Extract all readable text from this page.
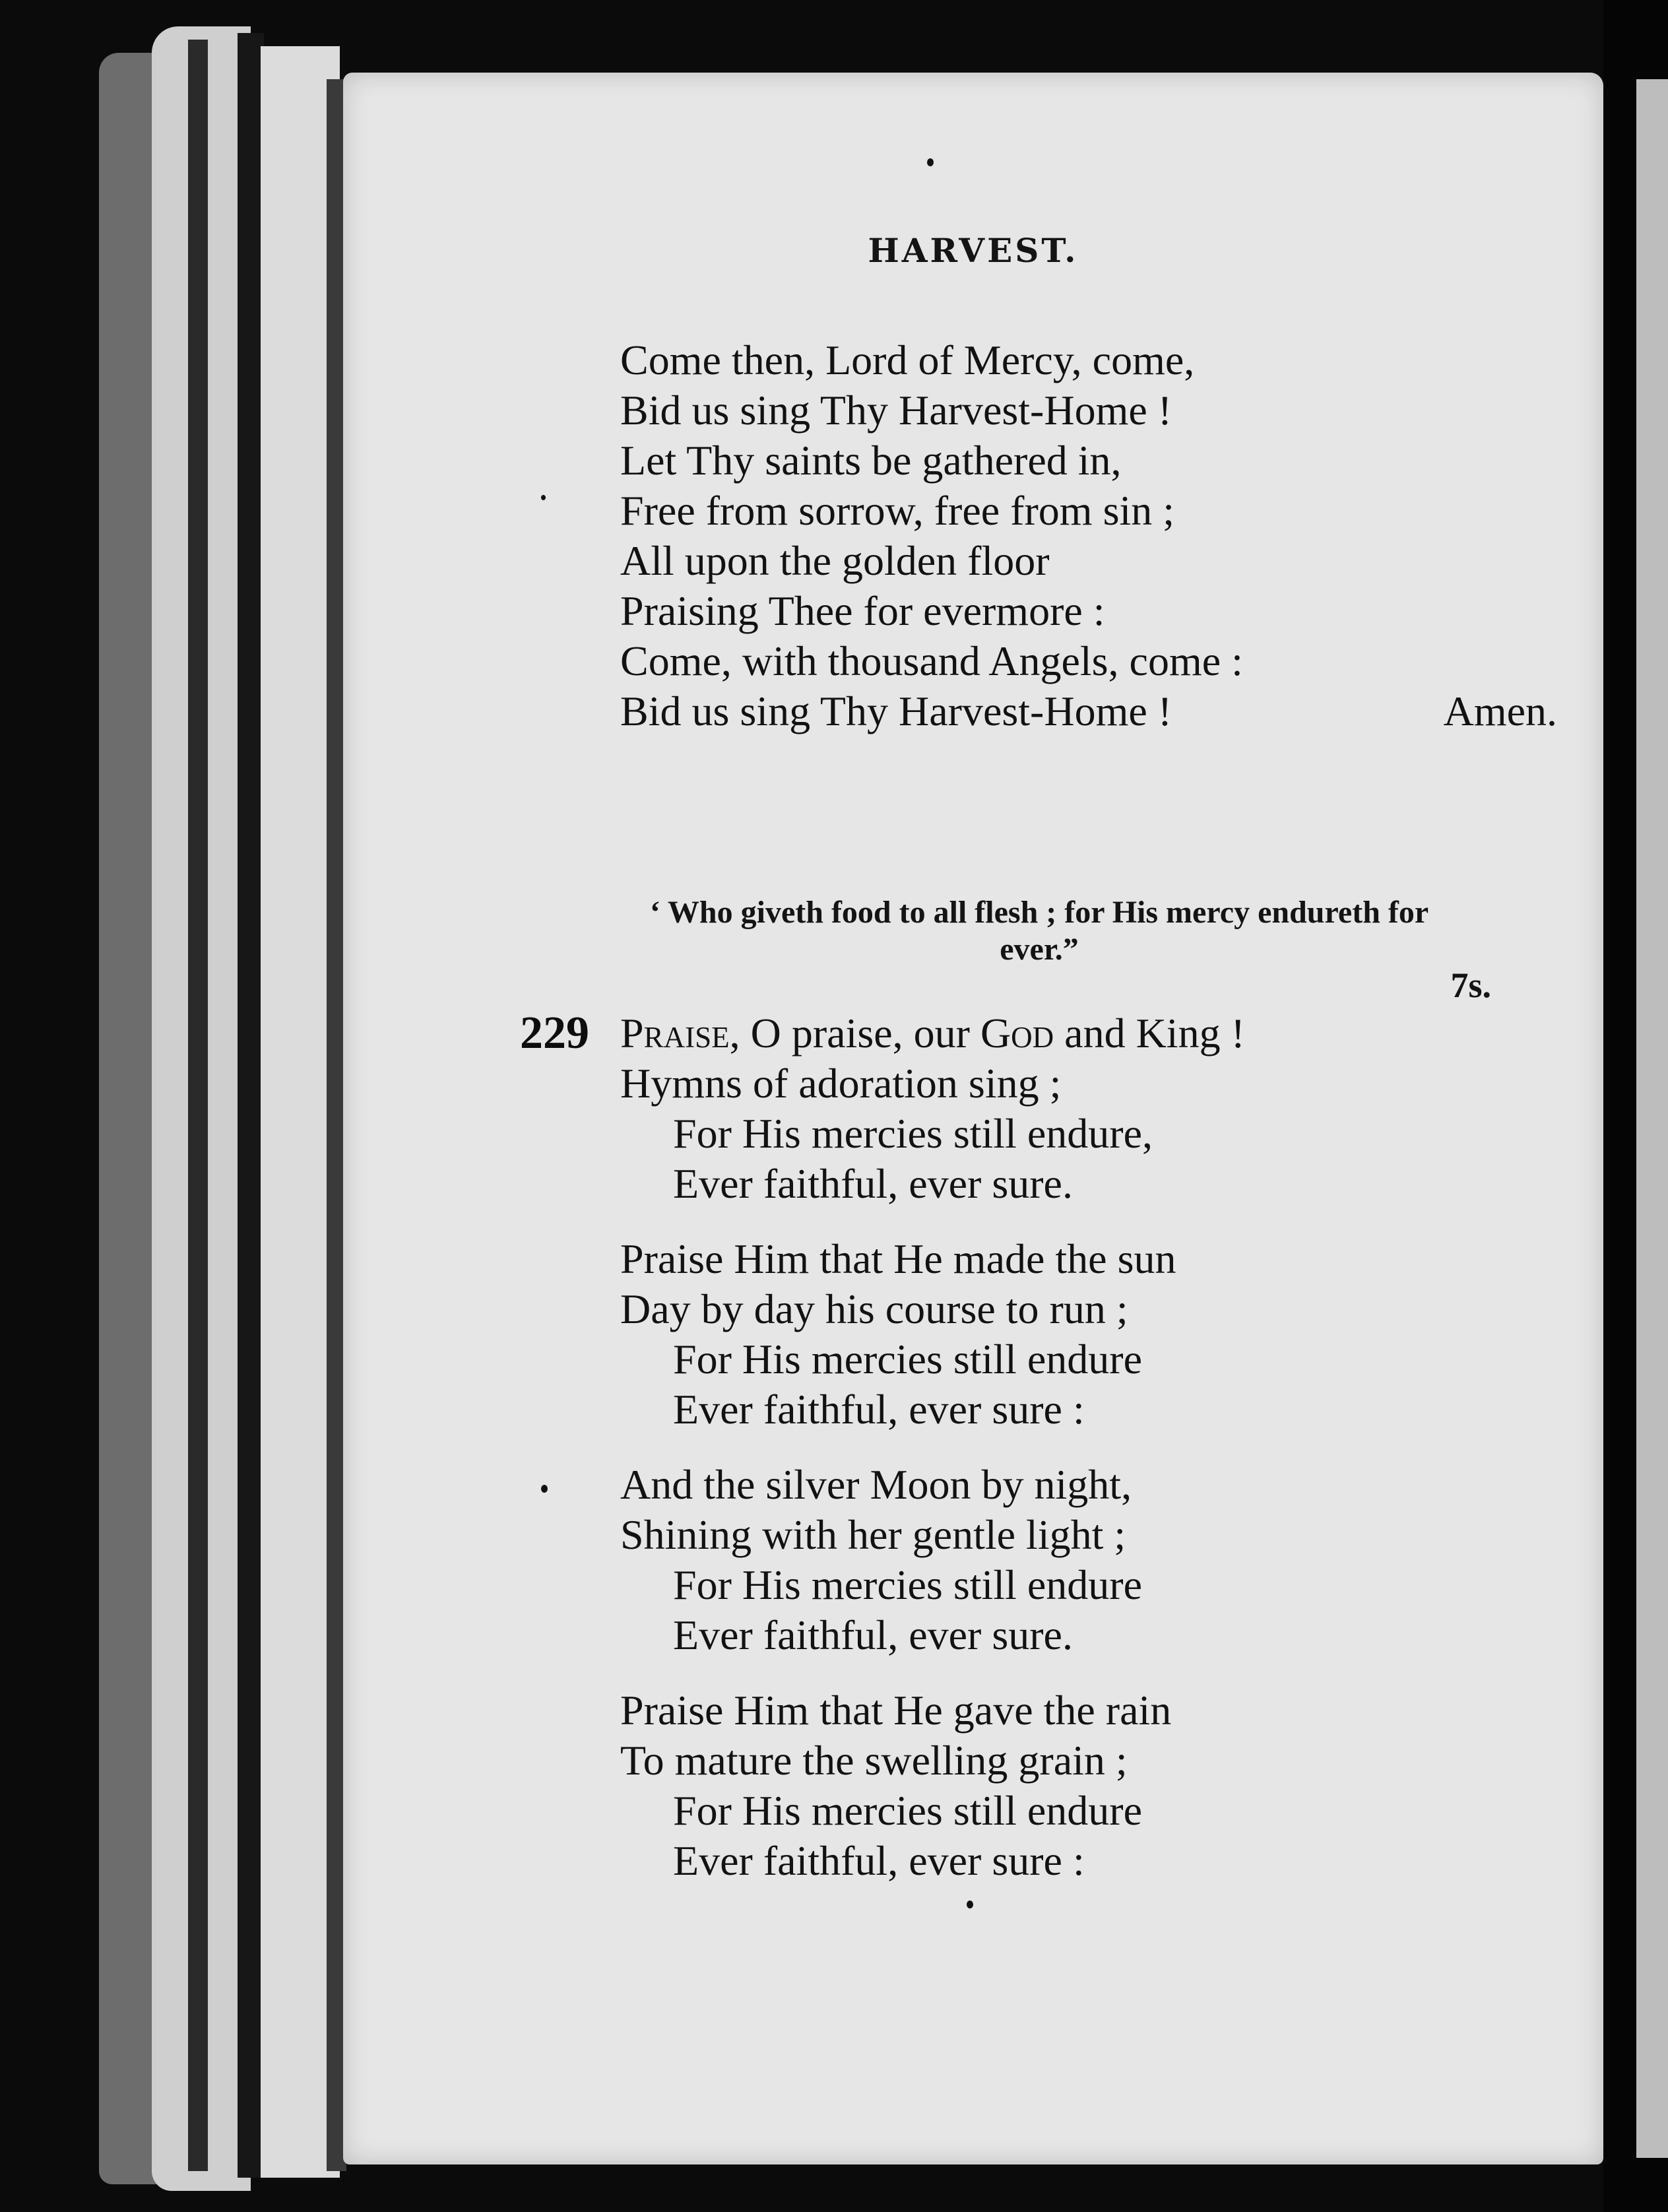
HARVEST.
Come then, Lord of Mercy, come,
Bid us sing Thy Harvest-Home !
Let Thy saints be gathered in,
Free from sorrow, free from sin ;
All upon the golden floor
Praising Thee for evermore :
Come, with thousand Angels, come :
Bid us sing Thy Harvest-Home !	Amen.
‘ Who giveth food to all flesh ; for His mercy endureth for
ever.”
7s.
229 Praise, O praise, our God and King !
Hymns of adoration sing ;
For His mercies still endure,
Ever faithful, ever sure.
Praise Him that He made the sun
Day by day his course to run ;
For His mercies still endure
Ever faithful, ever sure :
And the silver Moon by night,
Shining with her gentle light ;
For His mercies still endure
Ever faithful, ever sure.
Praise Him that He gave the rain
To mature the swelling grain ;
For His mercies still endure
Ever faithful, ever sure :
